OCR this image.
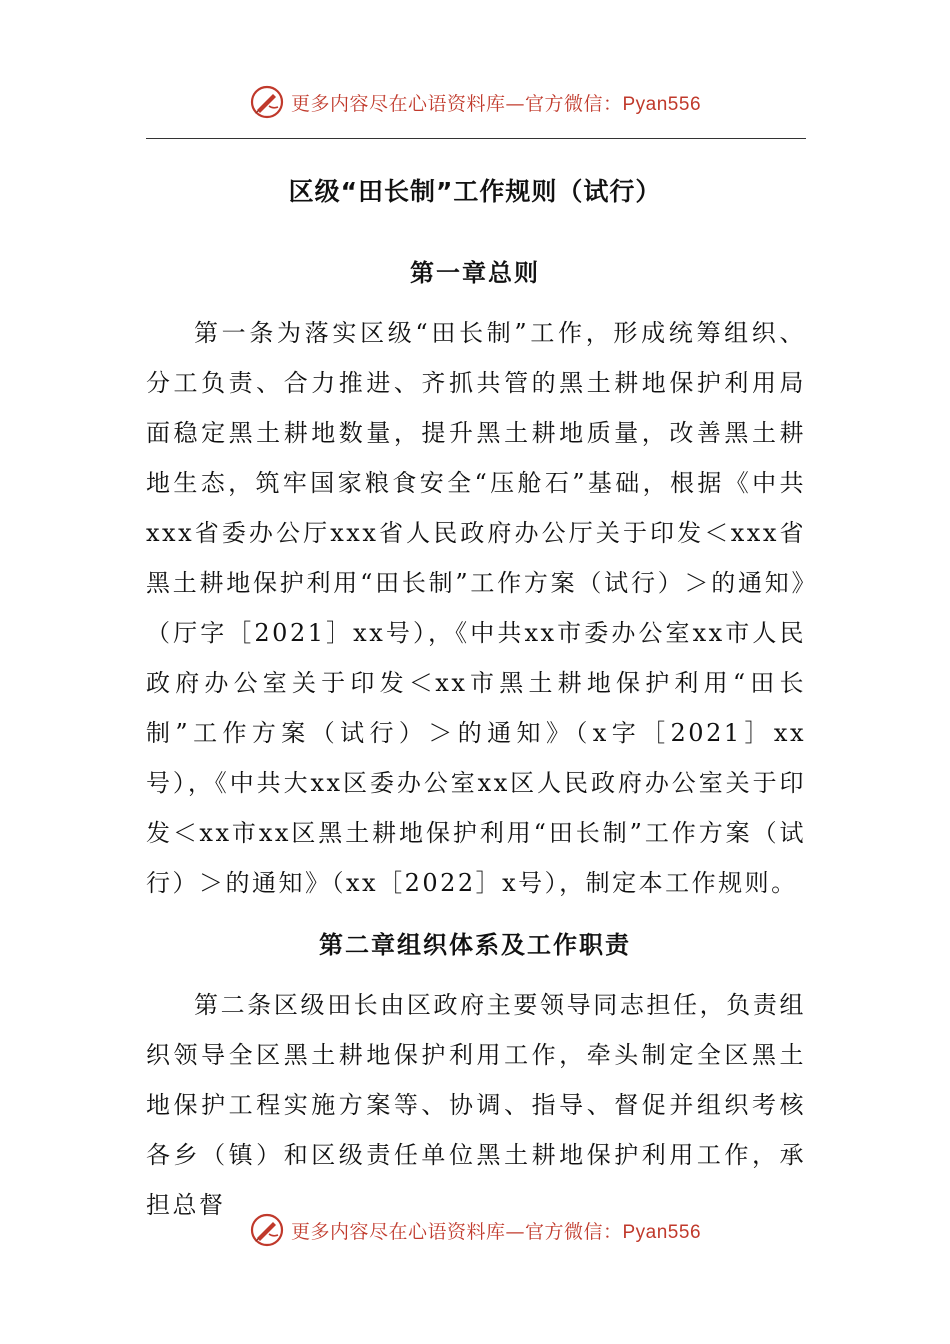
更多内容尽在心语资料库—官方微信：Pyan556
区级“田长制”工作规则（试行）
第一章总则
第一条为落实区级“田长制”工作，形成统筹组织、分工负责、合力推进、齐抓共管的黑土耕地保护利用局面稳定黑土耕地数量，提升黑土耕地质量，改善黑土耕地生态，筑牢国家粮食安全“压舱石”基础，根据《中共xxx省委办公厅xxx省人民政府办公厅关于印发＜xxx省黑土耕地保护利用“田长制”工作方案（试行）＞的通知》（厅字［2021］xx号），《中共xx市委办公室xx市人民政府办公室关于印发＜xx市黑土耕地保护利用“田长制”工作方案（试行）＞的通知》（x字［2021］xx号），《中共大xx区委办公室xx区人民政府办公室关于印发＜xx市xx区黑土耕地保护利用“田长制”工作方案（试行）＞的通知》（xx［2022］x号），制定本工作规则。
第二章组织体系及工作职责
第二条区级田长由区政府主要领导同志担任，负责组织领导全区黑土耕地保护利用工作，牵头制定全区黑土地保护工程实施方案等、协调、指导、督促并组织考核各乡（镇）和区级责任单位黑土耕地保护利用工作，承担总督
更多内容尽在心语资料库—官方微信：Pyan556
